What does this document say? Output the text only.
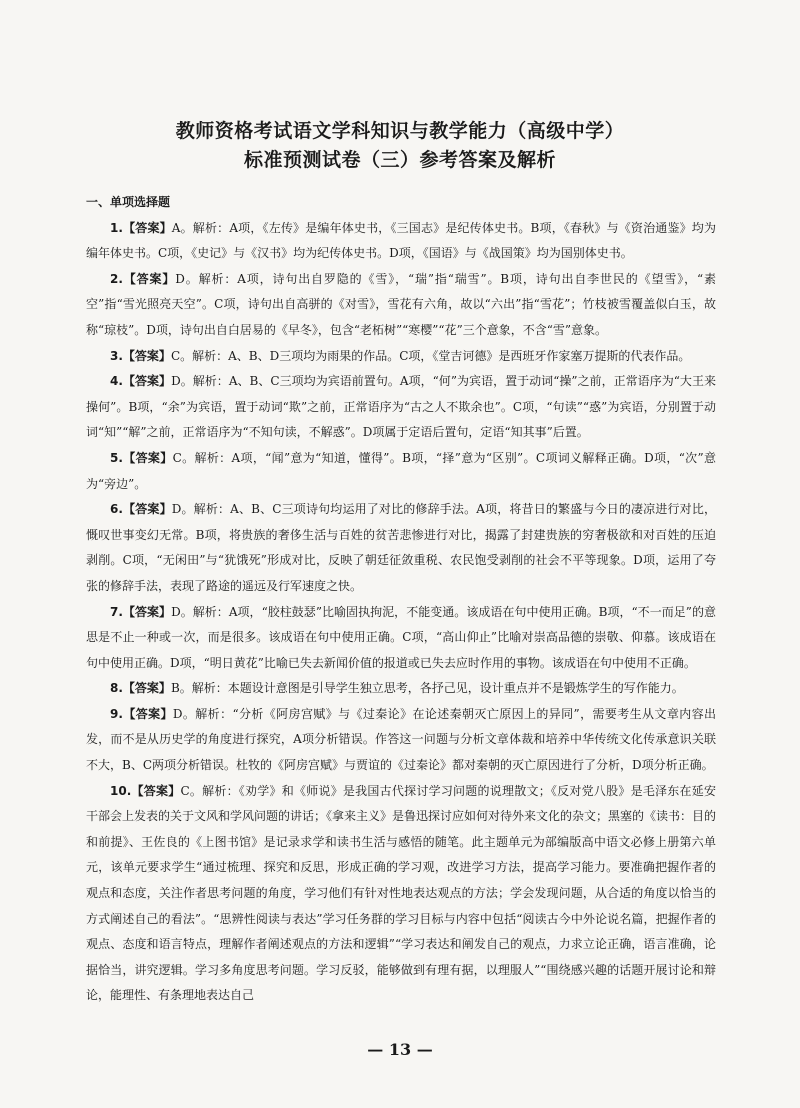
教师资格考试语文学科知识与教学能力（高级中学）
标准预测试卷（三）参考答案及解析
一、单项选择题

1.【答案】A。解析：A项，《左传》是编年体史书，《三国志》是纪传体史书。B项，《春秋》与《资治通鉴》均为编年体史书。C项，《史记》与《汉书》均为纪传体史书。D项，《国语》与《战国策》均为国别体史书。

2.【答案】D。解析：A项，诗句出自罗隐的《雪》，“瑞”指“瑞雪”。B项，诗句出自李世民的《望雪》，“素空”指“雪光照亮天空”。C项，诗句出自高骈的《对雪》，雪花有六角，故以“六出”指“雪花”；竹枝被雪覆盖似白玉，故称“琼枝”。D项，诗句出自白居易的《早冬》，包含“老柘树”“寒樱”“花”三个意象，不含“雪”意象。

3.【答案】C。解析：A、B、D三项均为雨果的作品。C项，《堂吉诃德》是西班牙作家塞万提斯的代表作品。

4.【答案】D。解析：A、B、C三项均为宾语前置句。A项，“何”为宾语，置于动词“操”之前，正常语序为“大王来操何”。B项，“余”为宾语，置于动词“欺”之前，正常语序为“古之人不欺余也”。C项，“句读”“惑”为宾语，分别置于动词“知”“解”之前，正常语序为“不知句读，不解惑”。D项属于定语后置句，定语“知其事”后置。

5.【答案】C。解析：A项，“闻”意为“知道，懂得”。B项，“择”意为“区别”。C项词义解释正确。D项，“次”意为“旁边”。

6.【答案】D。解析：A、B、C三项诗句均运用了对比的修辞手法。A项，将昔日的繁盛与今日的凄凉进行对比，慨叹世事变幻无常。B项，将贵族的奢侈生活与百姓的贫苦悲惨进行对比，揭露了封建贵族的穷奢极欲和对百姓的压迫剥削。C项，“无闲田”与“犹饿死”形成对比，反映了朝廷征敛重税、农民饱受剥削的社会不平等现象。D项，运用了夸张的修辞手法，表现了路途的遥远及行军速度之快。

7.【答案】D。解析：A项，“胶柱鼓瑟”比喻固执拘泥，不能变通。该成语在句中使用正确。B项，“不一而足”的意思是不止一种或一次，而是很多。该成语在句中使用正确。C项，“高山仰止”比喻对崇高品德的崇敬、仰慕。该成语在句中使用正确。D项，“明日黄花”比喻已失去新闻价值的报道或已失去应时作用的事物。该成语在句中使用不正确。

8.【答案】B。解析：本题设计意图是引导学生独立思考，各抒己见，设计重点并不是锻炼学生的写作能力。

9.【答案】D。解析：“分析《阿房宫赋》与《过秦论》在论述秦朝灭亡原因上的异同”，需要考生从文章内容出发，而不是从历史学的角度进行探究，A项分析错误。作答这一问题与分析文章体裁和培养中华传统文化传承意识关联不大，B、C两项分析错误。杜牧的《阿房宫赋》与贾谊的《过秦论》都对秦朝的灭亡原因进行了分析，D项分析正确。

10.【答案】C。解析：《劝学》和《师说》是我国古代探讨学习问题的说理散文；《反对党八股》是毛泽东在延安干部会上发表的关于文风和学风问题的讲话；《拿来主义》是鲁迅探讨应如何对待外来文化的杂文；黑塞的《读书：目的和前提》、王佐良的《上图书馆》是记录求学和读书生活与感悟的随笔。此主题单元为部编版高中语文必修上册第六单元，该单元要求学生“通过梳理、探究和反思，形成正确的学习观，改进学习方法，提高学习能力。要准确把握作者的观点和态度，关注作者思考问题的角度，学习他们有针对性地表达观点的方法；学会发现问题，从合适的角度以恰当的方式阐述自己的看法”。“思辨性阅读与表达”学习任务群的学习目标与内容中包括“阅读古今中外论说名篇，把握作者的观点、态度和语言特点，理解作者阐述观点的方法和逻辑”“学习表达和阐发自己的观点，力求立论正确，语言准确，论据恰当，讲究逻辑。学习多角度思考问题。学习反驳，能够做到有理有据，以理服人”“围绕感兴趣的话题开展讨论和辩论，能理性、有条理地表达自己

— 13 —
